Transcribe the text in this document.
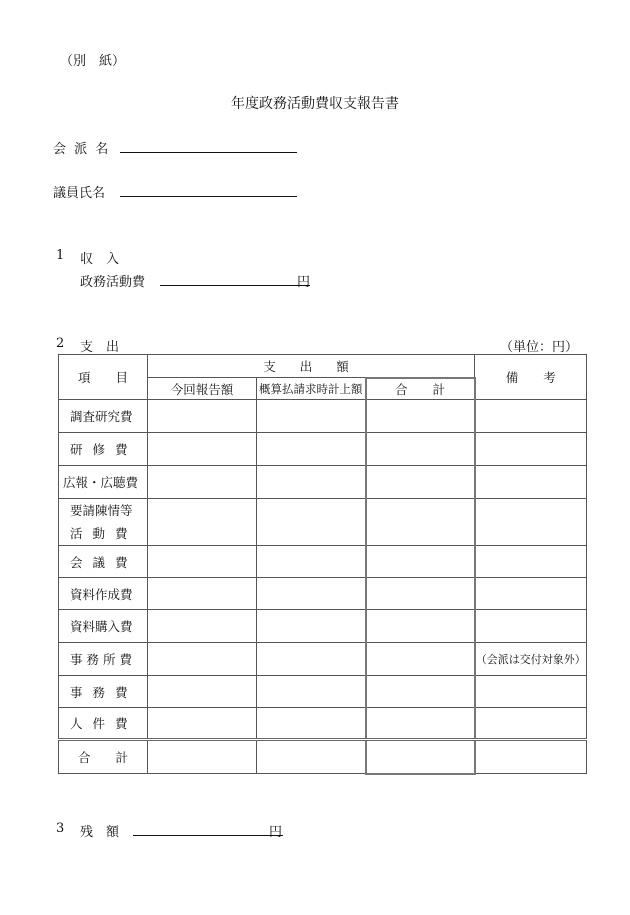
（別　紙）
年度政務活動費収支報告書
会 派 名
議員氏名
1 収　入
政務活動費	円
2 支　出	（単位：円）
項　　目	支 出 額			備　　考
	今回報告額	概算払請求時計上額	合　　計	
調査研究費				
研修費				
広報・広聴費				

要請陳情等
活動費				

会議費				
資料作成費				
資料購入費				
事務所費				（会派は交付対象外）
事務費				
人件費				
合　　計				
3 残　額	円
